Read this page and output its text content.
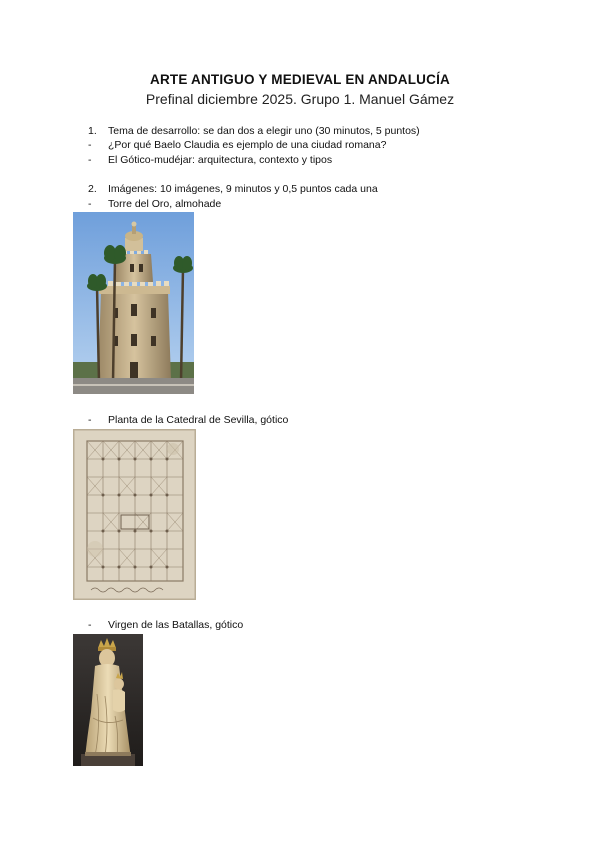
ARTE ANTIGUO Y MEDIEVAL EN ANDALUCÍA
Prefinal diciembre 2025. Grupo 1. Manuel Gámez
1. Tema de desarrollo: se dan dos a elegir uno (30 minutos, 5 puntos)
- ¿Por qué Baelo Claudia es ejemplo de una ciudad romana?
- El Gótico-mudéjar: arquitectura, contexto y tipos
2. Imágenes: 10 imágenes, 9 minutos y 0,5 puntos cada una
- Torre del Oro, almohade
- Planta de la Catedral de Sevilla, gótico
- Virgen de las Batallas, gótico
